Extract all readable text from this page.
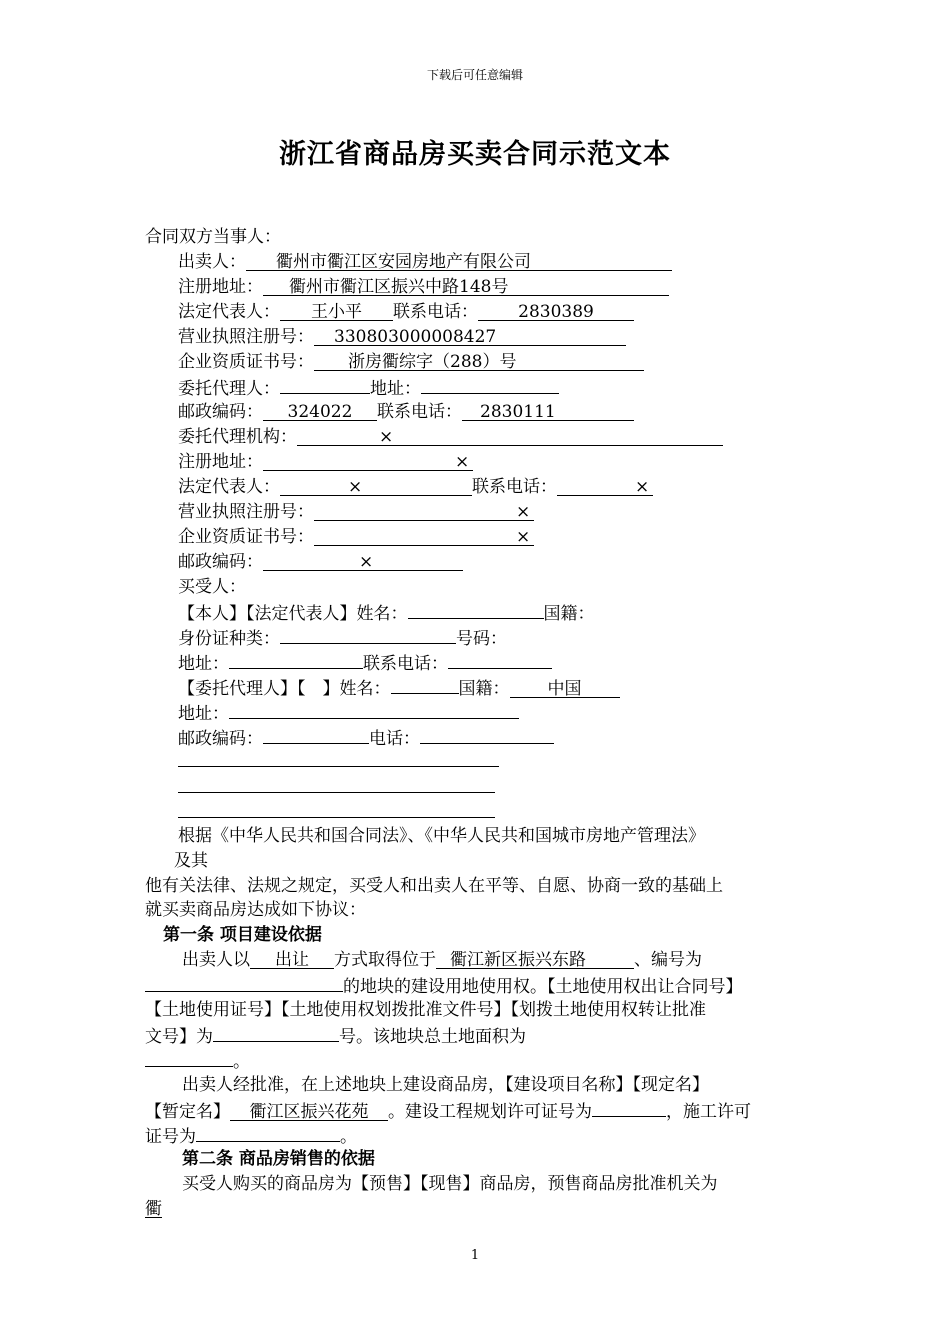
下载后可任意编辑
浙江省商品房买卖合同示范文本
合同双方当事人：
出卖人： 衢州市衢江区安园房地产有限公司
注册地址： 衢州市衢江区振兴中路148号
法定代表人： 王小平 联系电话： 2830389
营业执照注册号： 330803000008427
企业资质证书号： 浙房衢综字（288）号
委托代理人：	地址：
邮政编码： 324022 联系电话： 2830111
委托代理机构：	×
注册地址：	×
法定代表人：	×	联系电话：	×
营业执照注册号：	×
企业资质证书号：	×
邮政编码：	×
买受人：
【本人】【法定代表人】姓名：	国籍：
身份证种类：	号码：
地址：	联系电话：
【委托代理人】【　】姓名：	国籍： 中国
地址：
邮政编码：	电话：
根据《中华人民共和国合同法》、《中华人民共和国城市房地产管理法》
及其
他有关法律、法规之规定，买受人和出卖人在平等、自愿、协商一致的基础上
就买卖商品房达成如下协议：
第一条 项目建设依据
出卖人以 出让 方式取得位于 衢江新区振兴东路	、编号为
的地块的建设用地使用权。【土地使用权出让合同号】
【土地使用证号】【土地使用权划拨批准文件号】【划拨土地使用权转让批准
文号】为	号。该地块总土地面积为
。
出卖人经批准，在上述地块上建设商品房，【建设项目名称】【现定名】
【暂定名】 衢江区振兴花苑 。建设工程规划许可证号为	，施工许可
证号为	。
第二条 商品房销售的依据
买受人购买的商品房为【预售】【现售】商品房，预售商品房批准机关为
衢
1
